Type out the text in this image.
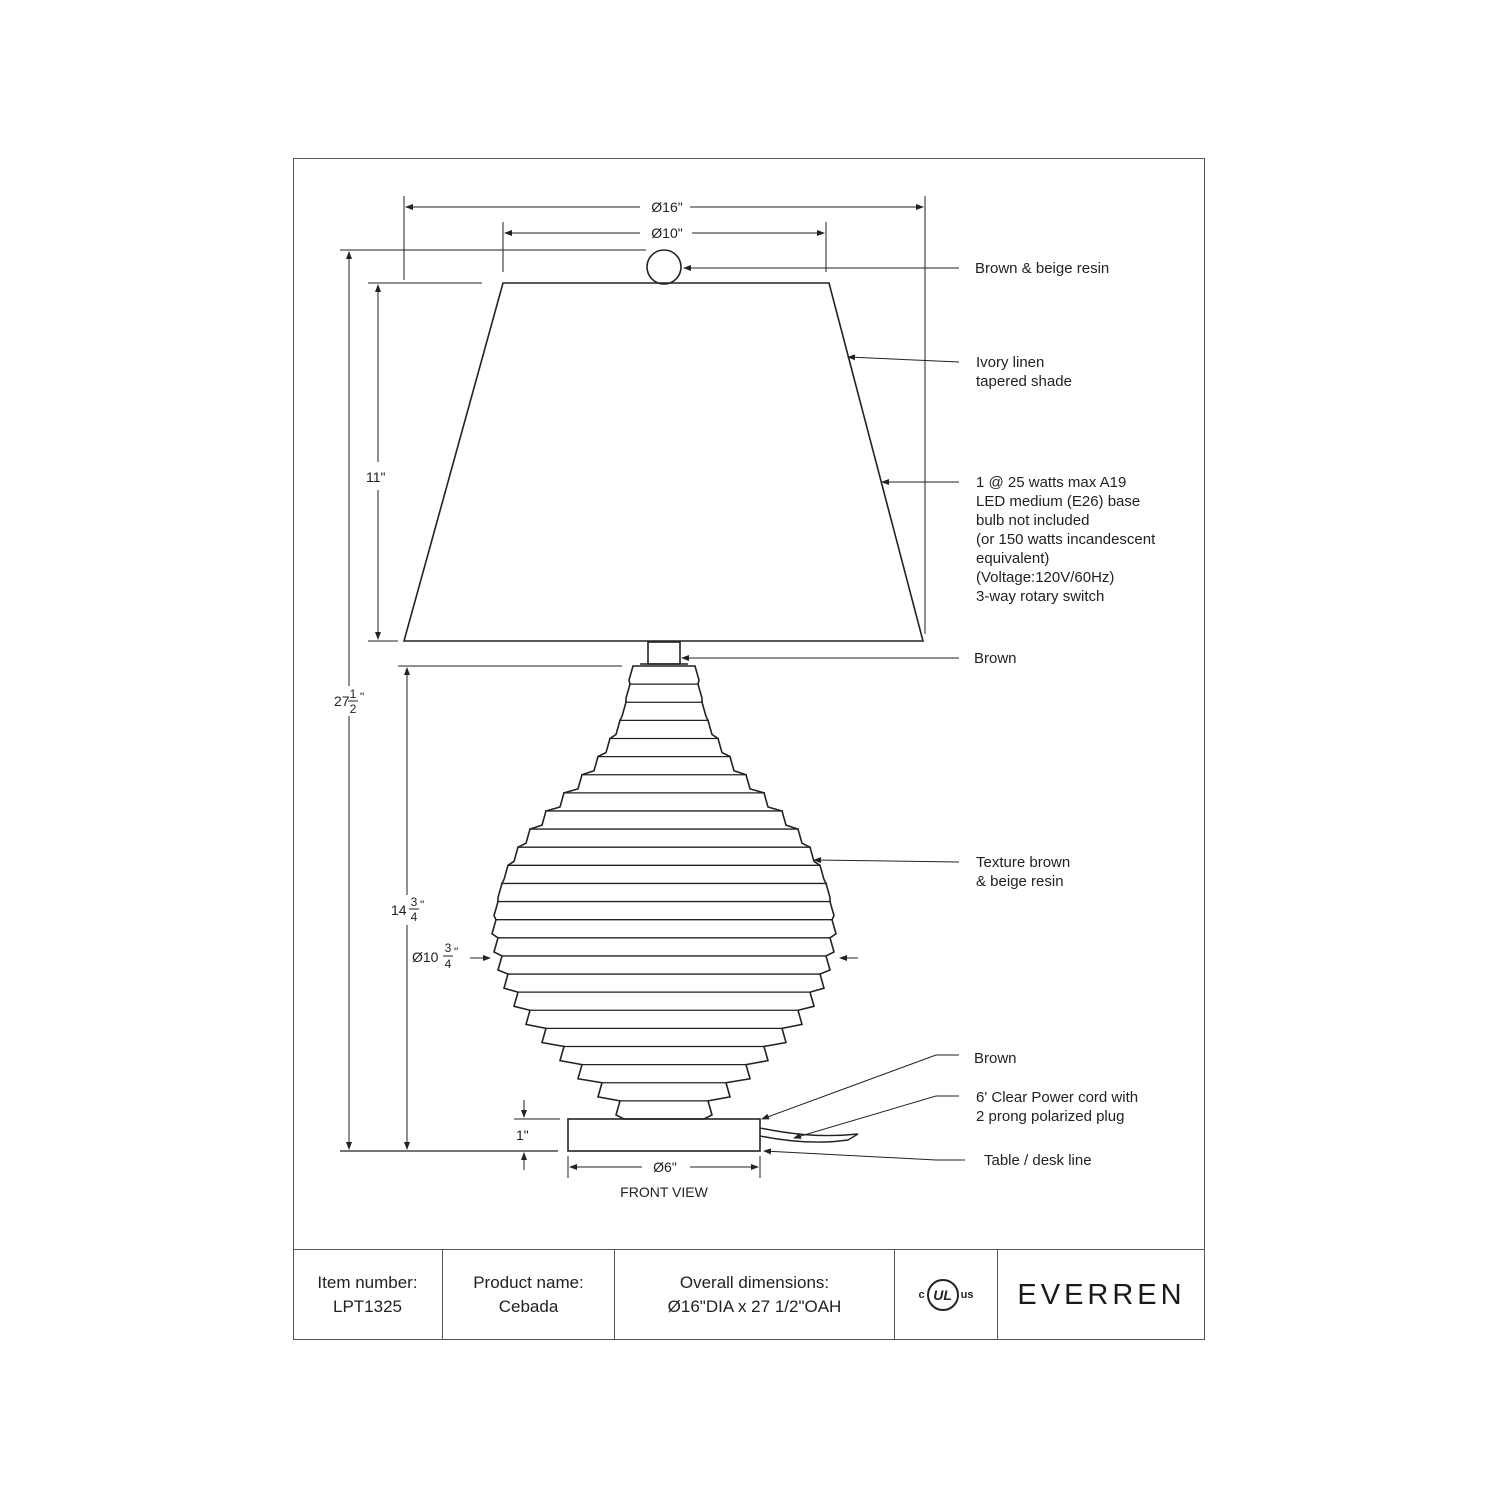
Ø16"
Ø10"
27 1
2
"
11"
14 3
4
"
Ø10
3
4
"
1"
Ø6"
FRONT VIEW
Brown & beige resin
Ivory linen
tapered shade
1 @ 25 watts max A19
LED medium (E26) base
bulb not included
(or 150 watts incandescent
equivalent)
(Voltage:120V/60Hz)
3-way rotary switch
Brown
Texture brown
& beige resin
Brown
6' Clear Power cord with
2 prong polarized plug
Table / desk line
Item number:
LPT1325
Product name:
Cebada
Overall dimensions:
Ø16"DIA x 27 1/2"OAH
c UL us EVERREN
